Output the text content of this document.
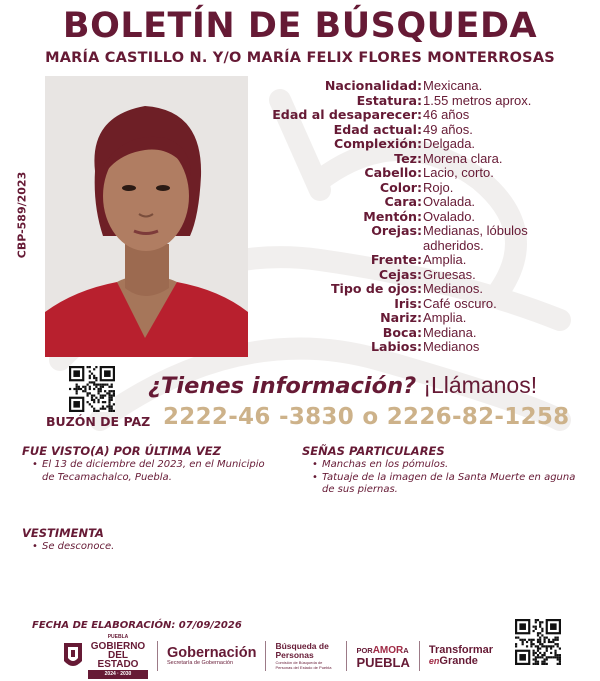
BOLETÍN DE BÚSQUEDA
MARÍA CASTILLO N. Y/O MARÍA FELIX FLORES MONTERROSAS
CBP-589/2023
Nacionalidad: Mexicana.
Estatura: 1.55 metros aprox.
Edad al desaparecer: 46 años
Edad actual: 49 años.
Complexión: Delgada.
Tez: Morena clara.
Cabello: Lacio, corto.
Color: Rojo.
Cara: Ovalada.
Mentón: Ovalado.
Orejas: Medianas, lóbulos
adheridos.
Frente: Amplia.
Cejas: Gruesas.
Tipo de ojos: Medianos.
Iris: Café oscuro.
Nariz: Amplia.
Boca: Mediana.
Labios: Medianos
BUZÓN DE PAZ
¿Tienes información? ¡Llámanos!
2222-46 -3830 o 2226-82-1258
FUE VISTO(A) POR ÚLTIMA VEZ
• El 13 de diciembre del 2023, en el Municipio
de Tecamachalco, Puebla.
SEÑAS PARTICULARES
• Manchas en los pómulos.
• Tatuaje de la imagen de la Santa Muerte en aguna
de sus piernas.
VESTIMENTA
• Se desconoce.
FECHA DE ELABORACIÓN: 07/09/2026
PUEBLA
GOBIERNO DEL ESTADO
2024 · 2030
Gobernación
Secretaría de Gobernación
Búsqueda de Personas
Comisión de Búsqueda de Personas del Estado de Puebla
PORAMORA
PUEBLA
Transformar
enGrande
